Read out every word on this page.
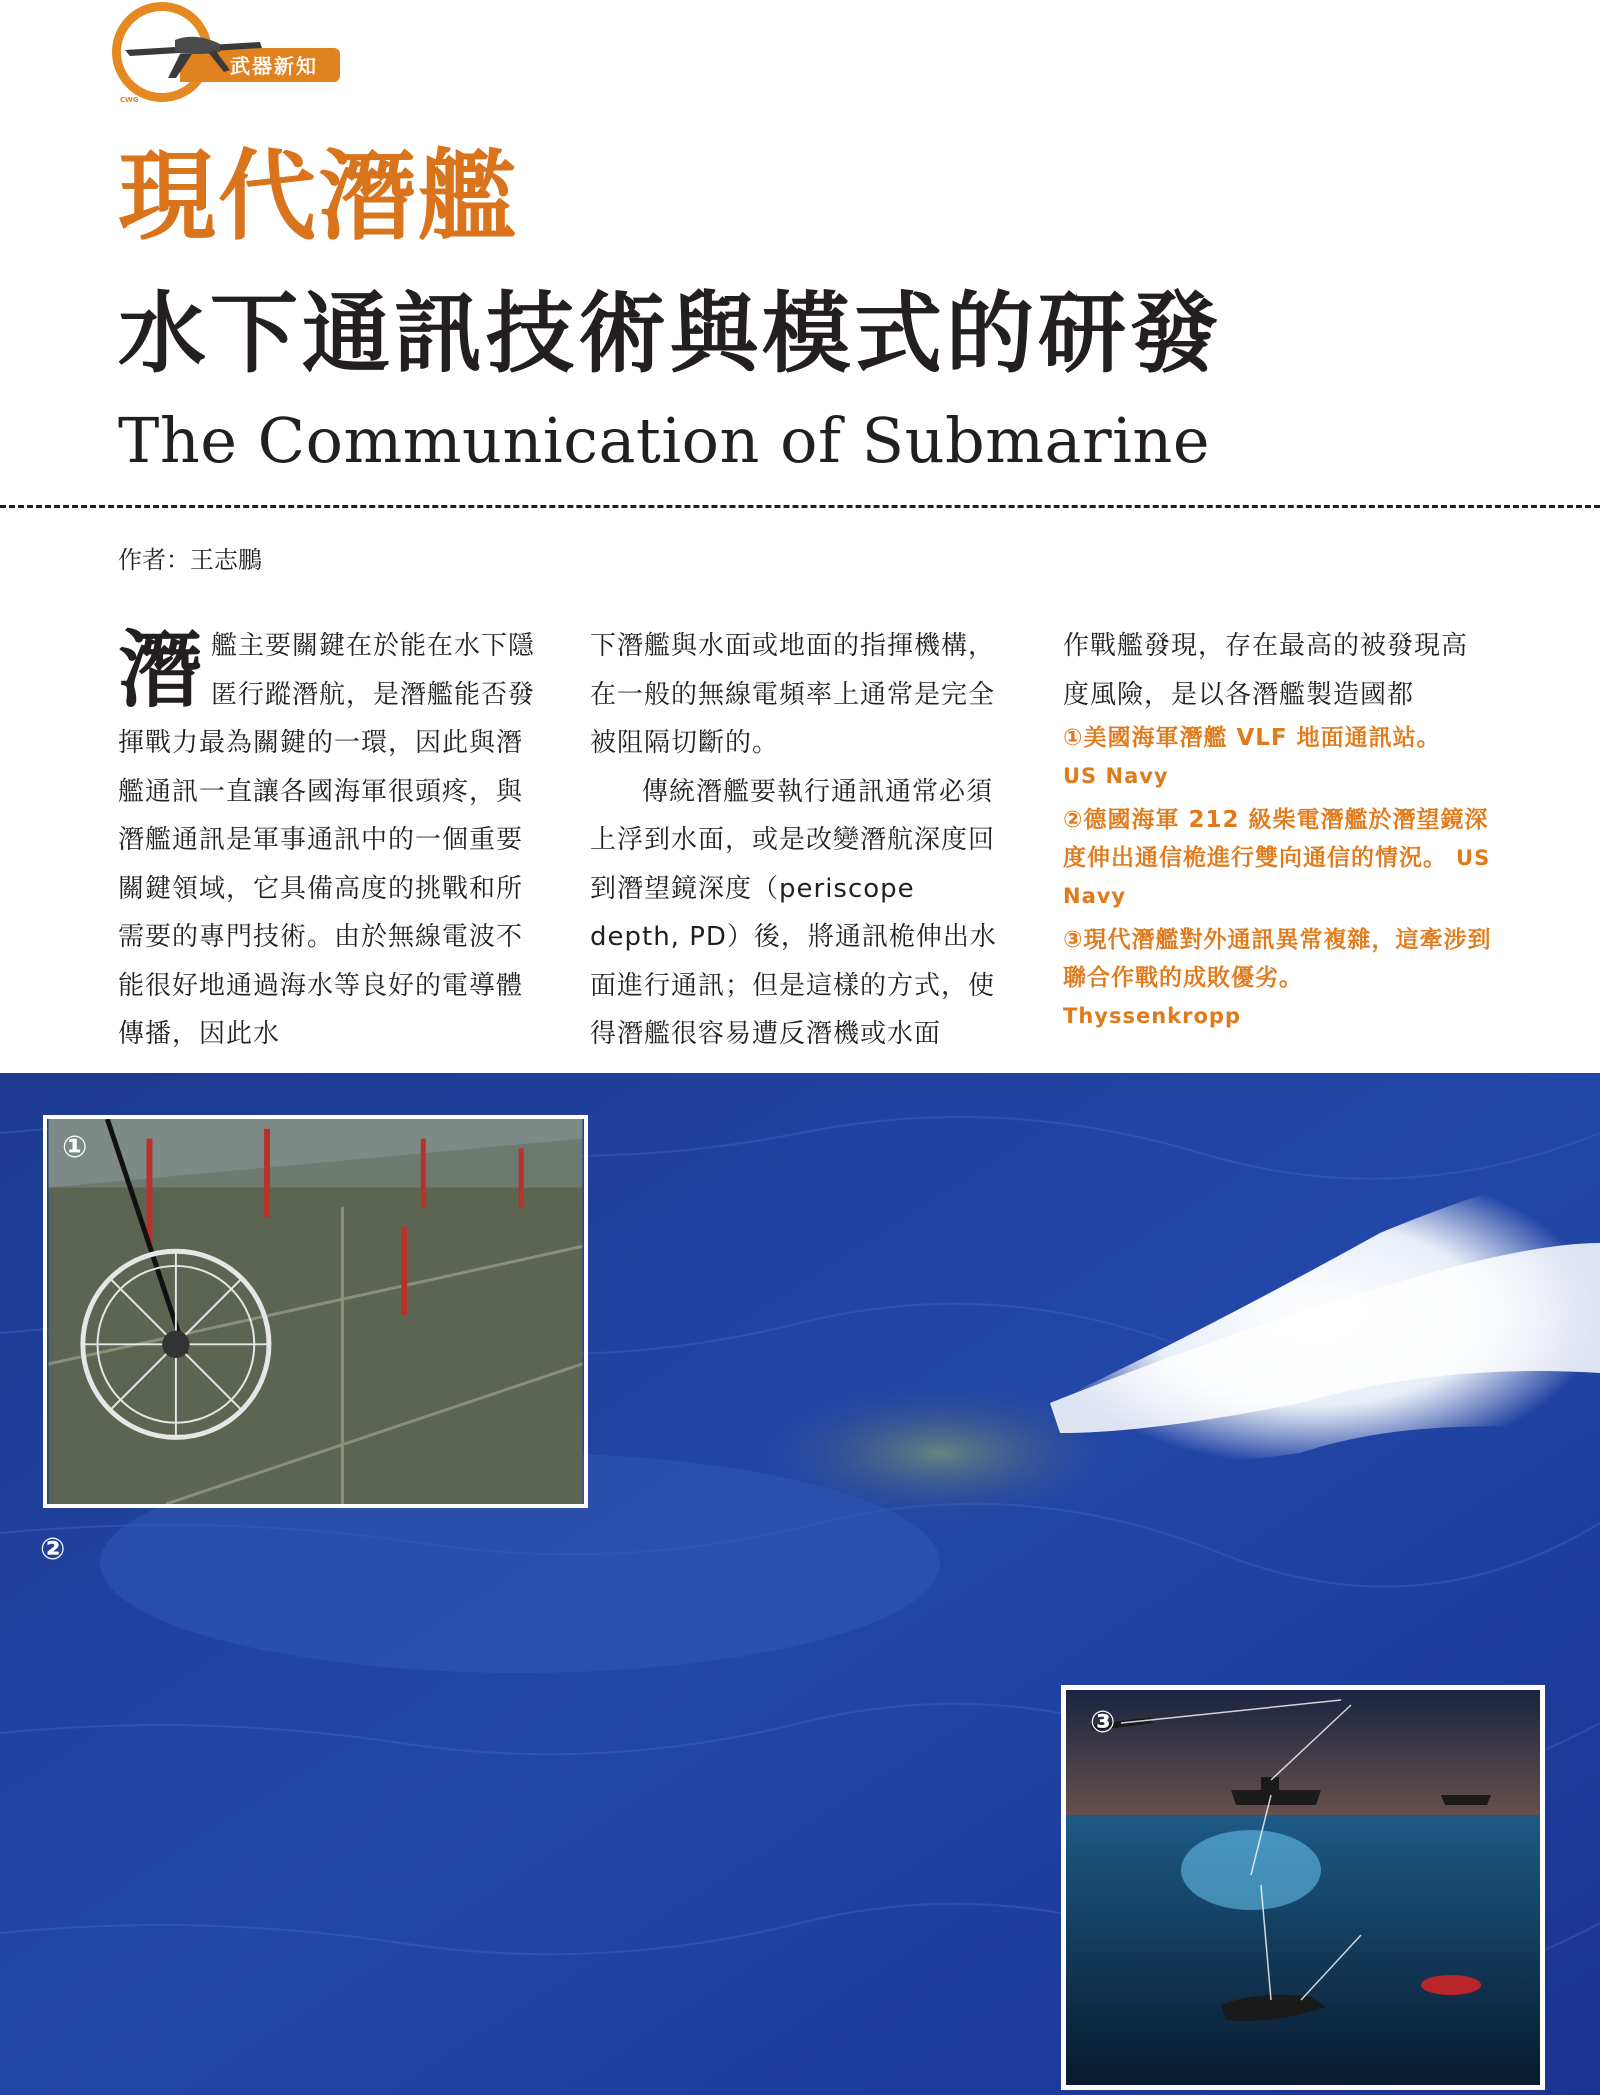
武器新知
CWG
現代潛艦
水下通訊技術與模式的研發
The Communication of Submarine
作者：王志鵬
潛 艦主要關鍵在於能在水下隱匿行蹤潛航，是潛艦能否發揮戰力最為關鍵的一環，因此與潛艦通訊一直讓各國海軍很頭疼，與潛艦通訊是軍事通訊中的一個重要關鍵領域，它具備高度的挑戰和所需要的專門技術。由於無線電波不能很好地通過海水等良好的電導體傳播，因此水

下潛艦與水面或地面的指揮機構，在一般的無線電頻率上通常是完全被阻隔切斷的。

傳統潛艦要執行通訊通常必須上浮到水面，或是改變潛航深度回到潛望鏡深度（periscope depth, PD）後，將通訊桅伸出水面進行通訊；但是這樣的方式，使得潛艦很容易遭反潛機或水面

作戰艦發現，存在最高的被發現高度風險，是以各潛艦製造國都

①美國海軍潛艦 VLF 地面通訊站。
US Navy
②德國海軍 212 級柴電潛艦於潛望鏡深度伸出通信桅進行雙向通信的情況。 US Navy
③現代潛艦對外通訊異常複雜，這牽涉到聯合作戰的成敗優劣。
Thyssenkropp
①
②
③
